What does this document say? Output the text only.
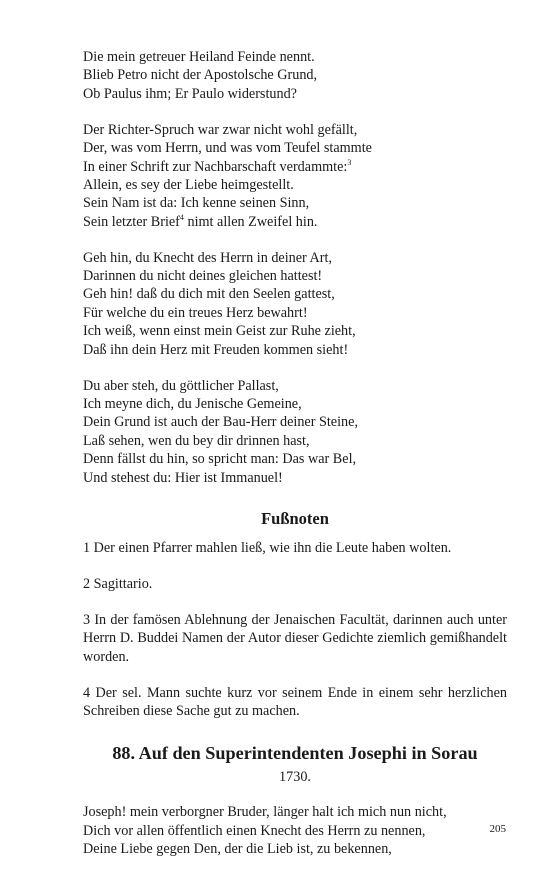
Die mein getreuer Heiland Feinde nennt.
Blieb Petro nicht der Apostolsche Grund,
Ob Paulus ihm; Er Paulo widerstund?
Der Richter-Spruch war zwar nicht wohl gefällt,
Der, was vom Herrn, und was vom Teufel stammte
In einer Schrift zur Nachbarschaft verdammte:$^3$
Allein, es sey der Liebe heimgestellt.
Sein Nam ist da: Ich kenne seinen Sinn,
Sein letzter Brief$^4$ nimt allen Zweifel hin.
Geh hin, du Knecht des Herrn in deiner Art,
Darinnen du nicht deines gleichen hattest!
Geh hin! daß du dich mit den Seelen gattest,
Für welche du ein treues Herz bewahrt!
Ich weiß, wenn einst mein Geist zur Ruhe zieht,
Daß ihn dein Herz mit Freuden kommen sieht!
Du aber steh, du göttlicher Pallast,
Ich meyne dich, du Jenische Gemeine,
Dein Grund ist auch der Bau-Herr deiner Steine,
Laß sehen, wen du bey dir drinnen hast,
Denn fällst du hin, so spricht man: Das war Bel,
Und stehest du: Hier ist Immanuel!
Fußnoten
1 Der einen Pfarrer mahlen ließ, wie ihn die Leute haben wolten.
2 Sagittario.
3 In der famösen Ablehnung der Jenaischen Facultät, darinnen auch unter Herrn D. Buddei Namen der Autor dieser Gedichte ziemlich gemißhandelt worden.
4 Der sel. Mann suchte kurz vor seinem Ende in einem sehr herzlichen Schreiben diese Sache gut zu machen.
88. Auf den Superintendenten Josephi in Sorau
1730.
Joseph! mein verborgner Bruder, länger halt ich mich nun nicht,
Dich vor allen öffentlich einen Knecht des Herrn zu nennen,
Deine Liebe gegen Den, der die Lieb ist, zu bekennen,
205
